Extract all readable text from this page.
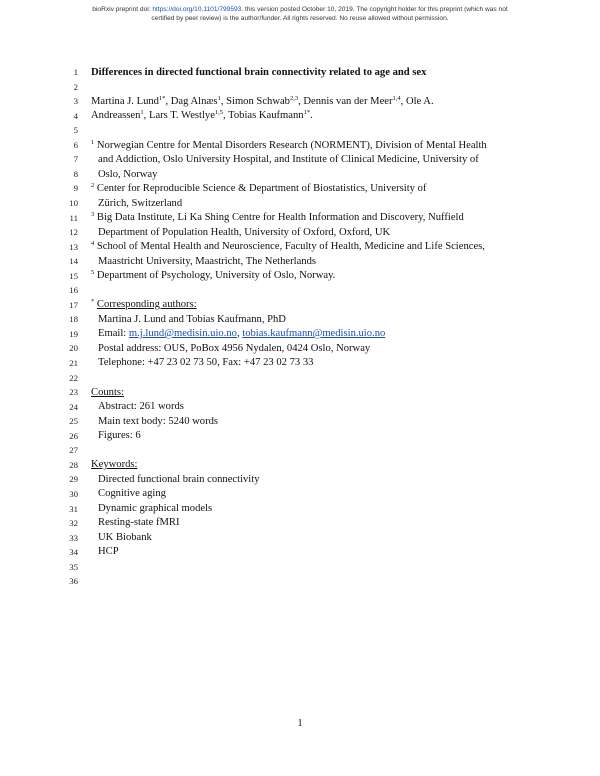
bioRxiv preprint doi: https://doi.org/10.1101/799593. this version posted October 10, 2019. The copyright holder for this preprint (which was not
certified by peer review) is the author/funder. All rights reserved. No reuse allowed without permission.
1
2
3
4
5
6
7
8
9
10
11
12
13
14
15
16
17
18
19
20
21
22
23
24
25
26
27
28
29
30
31
32
33
34
35
36
Differences in directed functional brain connectivity related to age and sex
Martina J. Lund$^{1*}$, Dag Alnæs$^1$, Simon Schwab$^{2,3}$, Dennis van der Meer$^{1,4}$, Ole A.
Andreassen$^1$, Lars T. Westlye$^{1,5}$, Tobias Kaufmann$^{1*}$.
$^1$ Norwegian Centre for Mental Disorders Research (NORMENT), Division of Mental Health
and Addiction, Oslo University Hospital, and Institute of Clinical Medicine, University of
Oslo, Norway
$^2$ Center for Reproducible Science & Department of Biostatistics, University of
Zürich, Switzerland
$^3$ Big Data Institute, Li Ka Shing Centre for Health Information and Discovery, Nuffield
Department of Population Health, University of Oxford, Oxford, UK
$^4$ School of Mental Health and Neuroscience, Faculty of Health, Medicine and Life Sciences,
Maastricht University, Maastricht, The Netherlands
$^5$ Department of Psychology, University of Oslo, Norway.
* Corresponding authors:
Martina J. Lund and Tobias Kaufmann, PhD
Email: m.j.lund@medisin.uio.no, tobias.kaufmann@medisin.uio.no
Postal address: OUS, PoBox 4956 Nydalen, 0424 Oslo, Norway
Telephone: +47 23 02 73 50, Fax: +47 23 02 73 33
Counts:
Abstract: 261 words
Main text body: 5240 words
Figures: 6
Keywords:
Directed functional brain connectivity
Cognitive aging
Dynamic graphical models
Resting-state fMRI
UK Biobank
HCP
1
